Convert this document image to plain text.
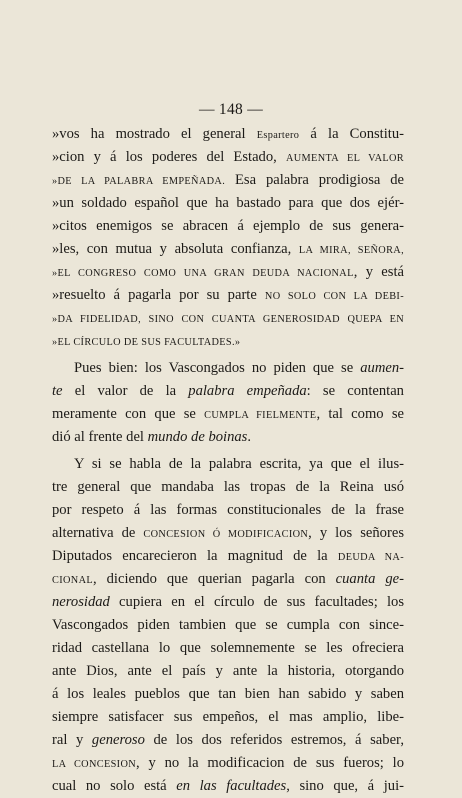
— 148 —
»vos ha mostrado el general Espartero á la Constitu-
»cion y á los poderes del Estado, AUMENTA EL VALOR
»DE LA PALABRA EMPEÑADA. Esa palabra prodigiosa de
»un soldado español que ha bastado para que dos ejér-
»citos enemigos se abracen á ejemplo de sus genera-
»les, con mutua y absoluta confianza, LA MIRA, SEÑORA,
»EL CONGRESO COMO UNA GRAN DEUDA NACIONAL, y está
»resuelto á pagarla por su parte NO SOLO CON LA DEBI-
»DA FIDELIDAD, SINO CON CUANTA GENEROSIDAD QUEPA EN
»EL CÍRCULO DE SUS FACULTADES.»
Pues bien: los Vascongados no piden que se aumen-
te el valor de la palabra empeñada: se contentan
meramente con que se CUMPLA FIELMENTE, tal como se
dió al frente del mundo de boinas.
Y si se habla de la palabra escrita, ya que el ilus-
tre general que mandaba las tropas de la Reina usó
por respeto á las formas constitucionales de la frase
alternativa de CONCESION Ó MODIFICACION, y los señores
Diputados encarecieron la magnitud de la DEUDA NA-
CIONAL, diciendo que querian pagarla con cuanta ge-
nerosidad cupiera en el círculo de sus facultades; los
Vascongados piden tambien que se cumpla con since-
ridad castellana lo que solemnemente se les ofreciera
ante Dios, ante el país y ante la historia, otorgando
á los leales pueblos que tan bien han sabido y saben
siempre satisfacer sus empeños, el mas amplio, libe-
ral y generoso de los dos referidos estremos, á saber,
LA CONCESION, y no la modificacion de sus fueros; lo
cual no solo está en las facultades, sino que, á jui-
